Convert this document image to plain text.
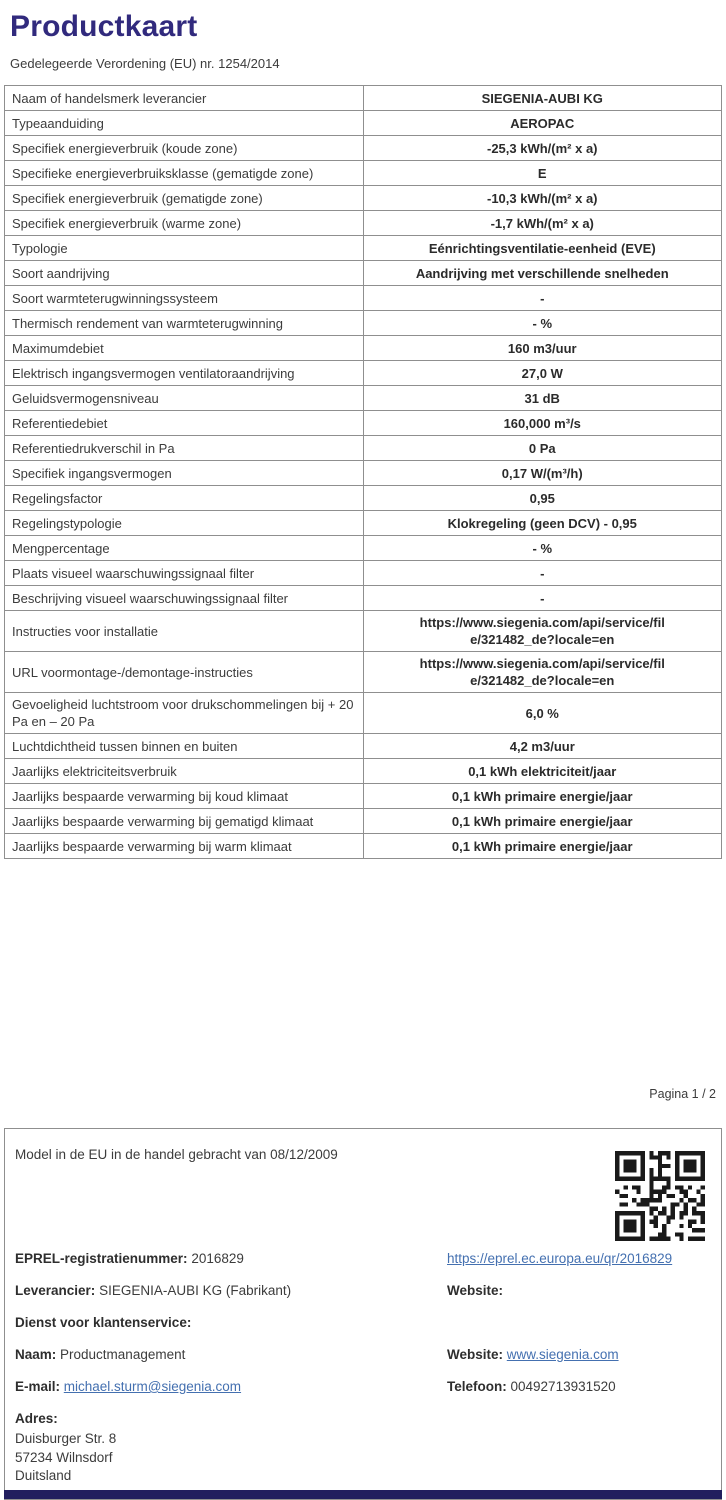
Productkaart
Gedelegeerde Verordening (EU) nr. 1254/2014
Naam of handelsmerk leverancier	SIEGENIA-AUBI KG
Typeaanduiding	AEROPAC
Specifiek energieverbruik (koude zone)	-25,3 kWh/(m² x a)
Specifieke energieverbruiksklasse (gematigde zone)	E
Specifiek energieverbruik (gematigde zone)	-10,3 kWh/(m² x a)
Specifiek energieverbruik (warme zone)	-1,7 kWh/(m² x a)
Typologie	Eénrichtingsventilatie-eenheid (EVE)
Soort aandrijving	Aandrijving met verschillende snelheden
Soort warmteterugwinningssysteem	-
Thermisch rendement van warmteterugwinning	- %
Maximumdebiet	160 m3/uur
Elektrisch ingangsvermogen ventilatoraandrijving	27,0 W
Geluidsvermogensniveau	31 dB
Referentiedebiet	160,000 m³/s
Referentiedrukverschil in Pa	0 Pa
Specifiek ingangsvermogen	0,17 W/(m³/h)
Regelingsfactor	0,95
Regelingstypologie	Klokregeling (geen DCV) - 0,95
Mengpercentage	- %
Plaats visueel waarschuwingssignaal filter	-
Beschrijving visueel waarschuwingssignaal filter	-
Instructies voor installatie	https://www.siegenia.com/api/service/file/321482_de?locale=en
URL voormontage-/demontage-instructies	https://www.siegenia.com/api/service/file/321482_de?locale=en
Gevoeligheid luchtstroom voor drukschommelingen bij + 20 Pa en – 20 Pa	6,0 %
Luchtdichtheid tussen binnen en buiten	4,2 m3/uur
Jaarlijks elektriciteitsverbruik	0,1 kWh elektriciteit/jaar
Jaarlijks bespaarde verwarming bij koud klimaat	0,1 kWh primaire energie/jaar
Jaarlijks bespaarde verwarming bij gematigd klimaat	0,1 kWh primaire energie/jaar
Jaarlijks bespaarde verwarming bij warm klimaat	0,1 kWh primaire energie/jaar
Pagina 1 / 2
Model in de EU in de handel gebracht van 08/12/2009
EPREL-registratienummer: 2016829	https://eprel.ec.europa.eu/qr/2016829
Leverancier: SIEGENIA-AUBI KG (Fabrikant)	Website:
Dienst voor klantenservice:
Naam: Productmanagement	Website: www.siegenia.com
E-mail: michael.sturm@siegenia.com	Telefoon: 00492713931520
Adres:
Duisburger Str. 8
57234 Wilnsdorf
Duitsland
